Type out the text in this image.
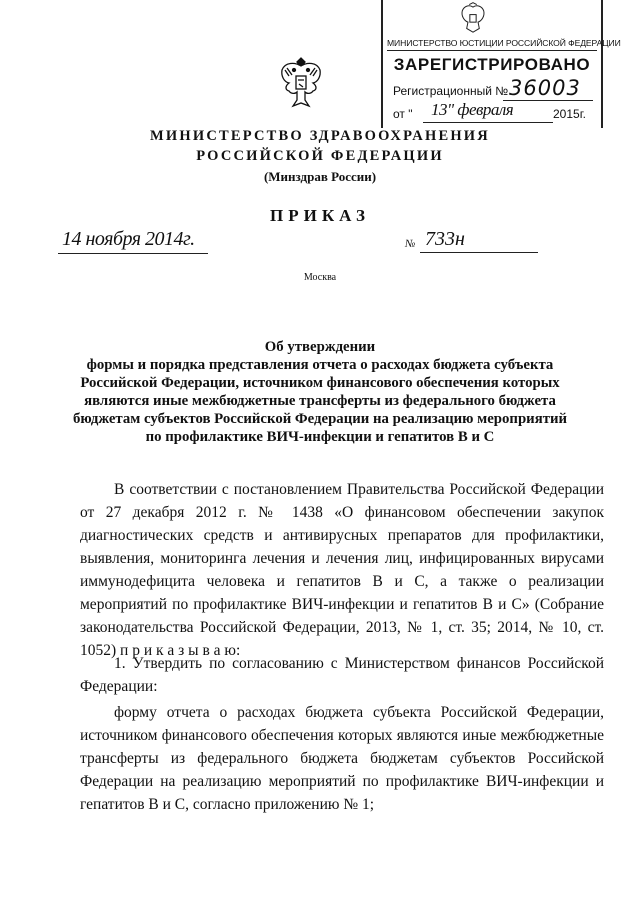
МИНИСТЕРСТВО ЮСТИЦИИ РОССИЙСКОЙ ФЕДЕРАЦИИ
ЗАРЕГИСТРИРОВАНО
Регистрационный № 36003
от " 13" февраля	2015г.
МИНИСТЕРСТВО ЗДРАВООХРАНЕНИЯ
РОССИЙСКОЙ ФЕДЕРАЦИИ
(Минздрав России)
ПРИКАЗ
14 ноября 2014г.	№ 733н
Москва
Об утверждении
формы и порядка представления отчета о расходах бюджета субъекта
Российской Федерации, источником финансового обеспечения которых
являются иные межбюджетные трансферты из федерального бюджета
бюджетам субъектов Российской Федерации на реализацию мероприятий
по профилактике ВИЧ-инфекции и гепатитов В и С
В соответствии с постановлением Правительства Российской Федерации от 27 декабря 2012 г. № 1438 «О финансовом обеспечении закупок диагностических средств и антивирусных препаратов для профилактики, выявления, мониторинга лечения и лечения лиц, инфицированных вирусами иммунодефицита человека и гепатитов В и С, а также о реализации мероприятий по профилактике ВИЧ-инфекции и гепатитов В и С» (Собрание законодательства Российской Федерации, 2013, № 1, ст. 35; 2014, № 10, ст. 1052) п р и к а з ы в а ю:
1. Утвердить по согласованию с Министерством финансов Российской Федерации:
форму отчета о расходах бюджета субъекта Российской Федерации, источником финансового обеспечения которых являются иные межбюджетные трансферты из федерального бюджета бюджетам субъектов Российской Федерации на реализацию мероприятий по профилактике ВИЧ-инфекции и гепатитов В и С, согласно приложению № 1;
